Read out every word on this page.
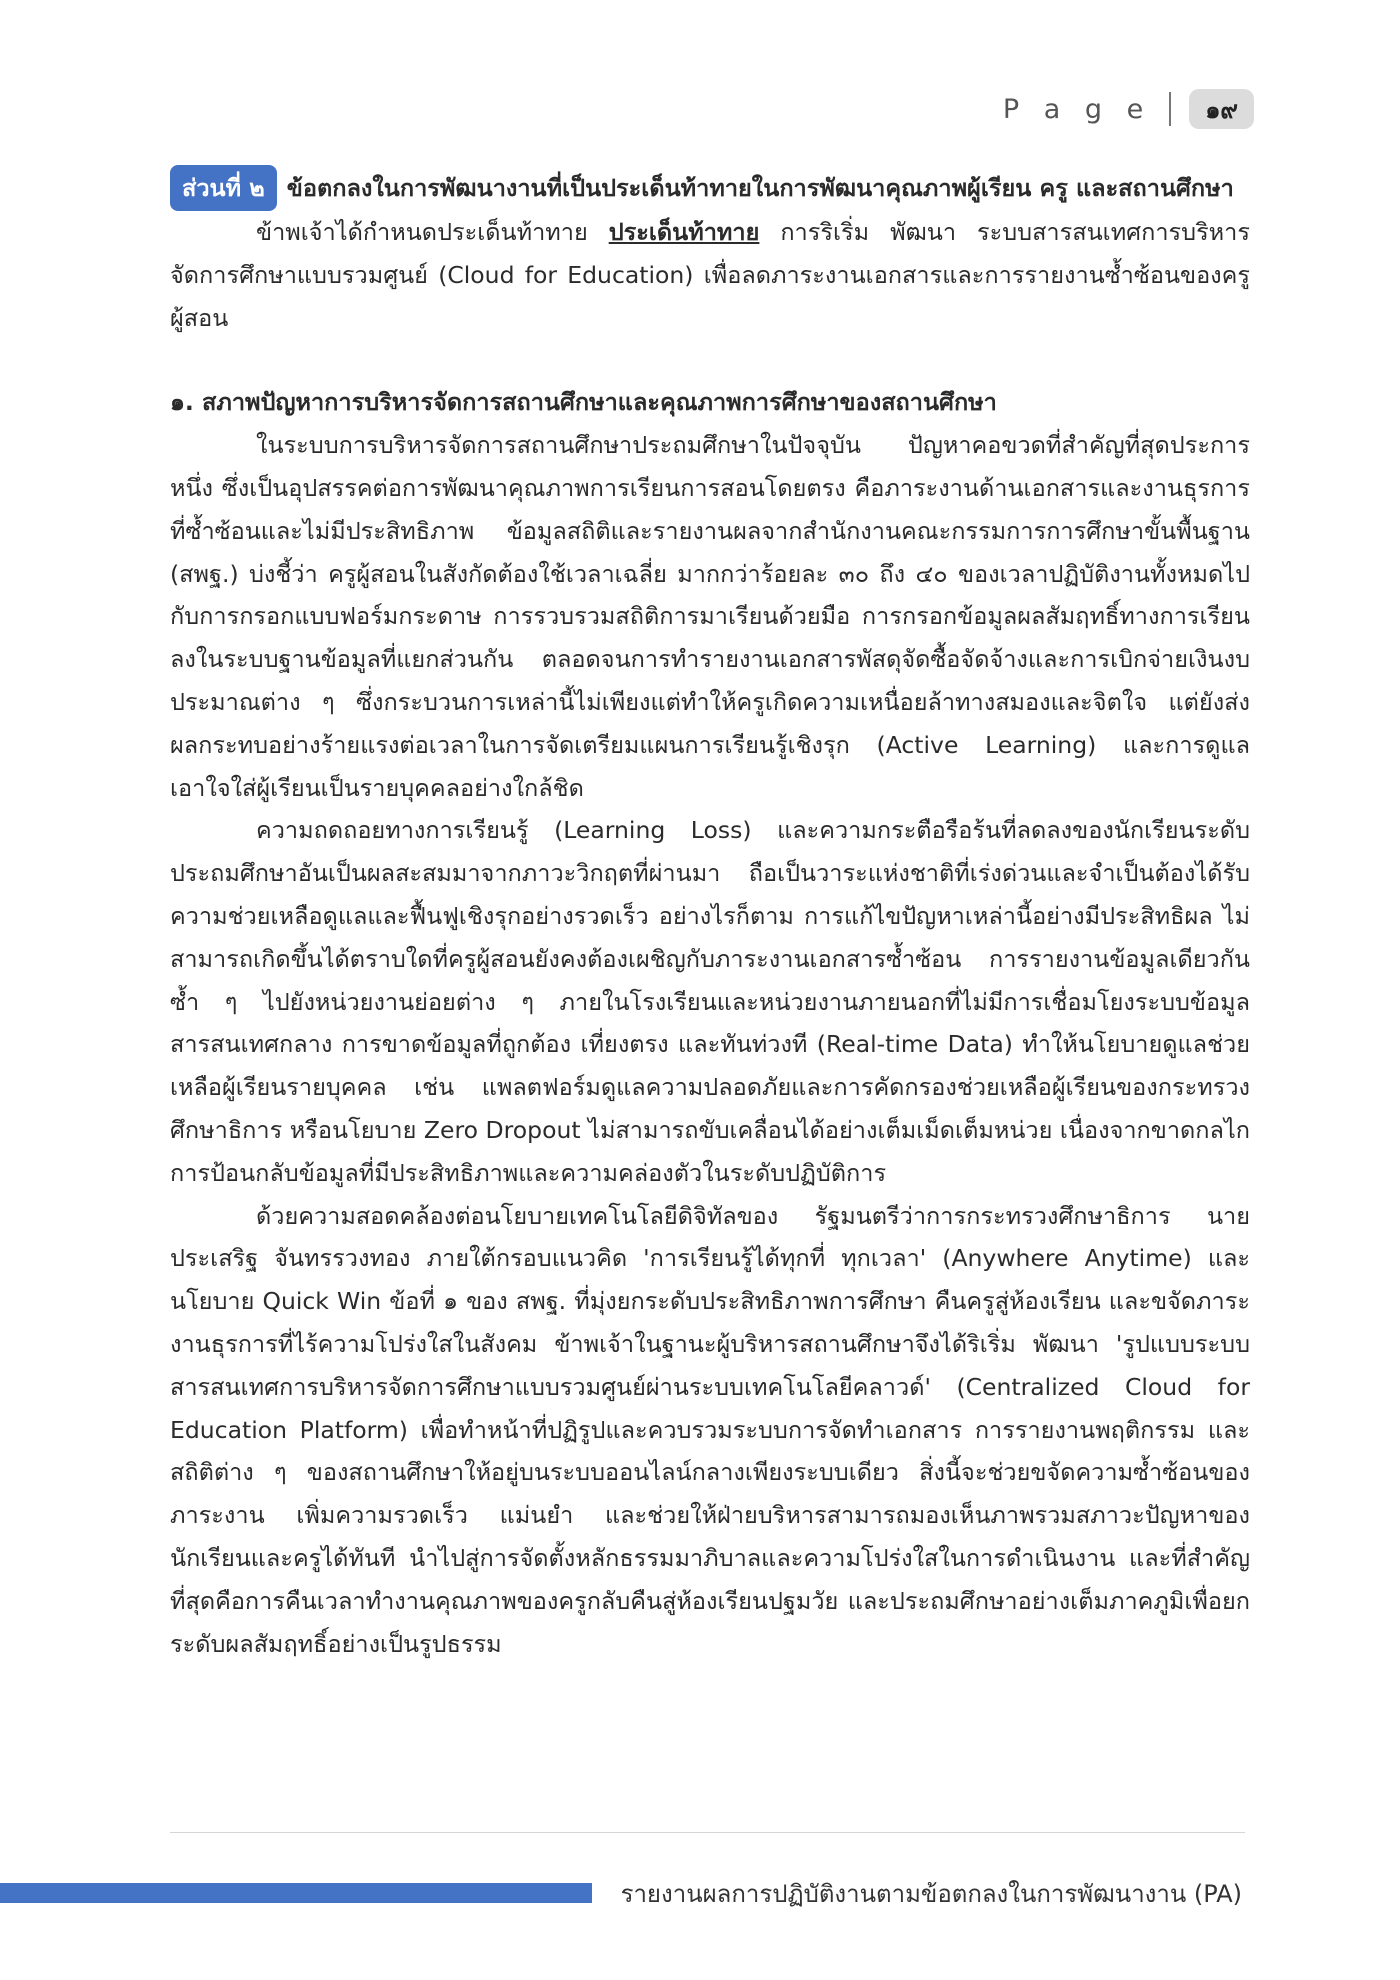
P a g e	๑๙
ส่วนที่ ๒ ข้อตกลงในการพัฒนางานที่เป็นประเด็นท้าทายในการพัฒนาคุณภาพผู้เรียน ครู และสถานศึกษา

ข้าพเจ้าได้กำหนดประเด็นท้าทาย ประเด็นท้าทาย การริเริ่ม พัฒนา ระบบสารสนเทศการบริหารจัดการศึกษาแบบรวมศูนย์ (Cloud for Education) เพื่อลดภาระงานเอกสารและการรายงานซ้ำซ้อนของครูผู้สอน

๑. สภาพปัญหาการบริหารจัดการสถานศึกษาและคุณภาพการศึกษาของสถานศึกษา

ในระบบการบริหารจัดการสถานศึกษาประถมศึกษาในปัจจุบัน ปัญหาคอขวดที่สำคัญที่สุดประการหนึ่ง ซึ่งเป็นอุปสรรคต่อการพัฒนาคุณภาพการเรียนการสอนโดยตรง คือภาระงานด้านเอกสารและงานธุรการที่ซ้ำซ้อนและไม่มีประสิทธิภาพ ข้อมูลสถิติและรายงานผลจากสำนักงานคณะกรรมการการศึกษาขั้นพื้นฐาน (สพฐ.) บ่งชี้ว่า ครูผู้สอนในสังกัดต้องใช้เวลาเฉลี่ย มากกว่าร้อยละ ๓๐ ถึง ๔๐ ของเวลาปฏิบัติงานทั้งหมดไปกับการกรอกแบบฟอร์มกระดาษ การรวบรวมสถิติการมาเรียนด้วยมือ การกรอกข้อมูลผลสัมฤทธิ์ทางการเรียนลงในระบบฐานข้อมูลที่แยกส่วนกัน ตลอดจนการทำรายงานเอกสารพัสดุจัดซื้อจัดจ้างและการเบิกจ่ายเงินงบประมาณต่าง ๆ ซึ่งกระบวนการเหล่านี้ไม่เพียงแต่ทำให้ครูเกิดความเหนื่อยล้าทางสมองและจิตใจ แต่ยังส่งผลกระทบอย่างร้ายแรงต่อเวลาในการจัดเตรียมแผนการเรียนรู้เชิงรุก (Active Learning) และการดูแลเอาใจใส่ผู้เรียนเป็นรายบุคคลอย่างใกล้ชิด

ความถดถอยทางการเรียนรู้ (Learning Loss) และความกระตือรือร้นที่ลดลงของนักเรียนระดับประถมศึกษาอันเป็นผลสะสมมาจากภาวะวิกฤตที่ผ่านมา ถือเป็นวาระแห่งชาติที่เร่งด่วนและจำเป็นต้องได้รับความช่วยเหลือดูแลและฟื้นฟูเชิงรุกอย่างรวดเร็ว อย่างไรก็ตาม การแก้ไขปัญหาเหล่านี้อย่างมีประสิทธิผล ไม่สามารถเกิดขึ้นได้ตราบใดที่ครูผู้สอนยังคงต้องเผชิญกับภาระงานเอกสารซ้ำซ้อน การรายงานข้อมูลเดียวกันซ้ำ ๆ ไปยังหน่วยงานย่อยต่าง ๆ ภายในโรงเรียนและหน่วยงานภายนอกที่ไม่มีการเชื่อมโยงระบบข้อมูลสารสนเทศกลาง การขาดข้อมูลที่ถูกต้อง เที่ยงตรง และทันท่วงที (Real-time Data) ทำให้นโยบายดูแลช่วยเหลือผู้เรียนรายบุคคล เช่น แพลตฟอร์มดูแลความปลอดภัยและการคัดกรองช่วยเหลือผู้เรียนของกระทรวงศึกษาธิการ หรือนโยบาย Zero Dropout ไม่สามารถขับเคลื่อนได้อย่างเต็มเม็ดเต็มหน่วย เนื่องจากขาดกลไกการป้อนกลับข้อมูลที่มีประสิทธิภาพและความคล่องตัวในระดับปฏิบัติการ

ด้วยความสอดคล้องต่อนโยบายเทคโนโลยีดิจิทัลของ รัฐมนตรีว่าการกระทรวงศึกษาธิการ นายประเสริฐ จันทรรวงทอง ภายใต้กรอบแนวคิด 'การเรียนรู้ได้ทุกที่ ทุกเวลา' (Anywhere Anytime) และนโยบาย Quick Win ข้อที่ ๑ ของ สพฐ. ที่มุ่งยกระดับประสิทธิภาพการศึกษา คืนครูสู่ห้องเรียน และขจัดภาระงานธุรการที่ไร้ความโปร่งใสในสังคม ข้าพเจ้าในฐานะผู้บริหารสถานศึกษาจึงได้ริเริ่ม พัฒนา 'รูปแบบระบบสารสนเทศการบริหารจัดการศึกษาแบบรวมศูนย์ผ่านระบบเทคโนโลยีคลาวด์' (Centralized Cloud for Education Platform) เพื่อทำหน้าที่ปฏิรูปและควบรวมระบบการจัดทำเอกสาร การรายงานพฤติกรรม และสถิติต่าง ๆ ของสถานศึกษาให้อยู่บนระบบออนไลน์กลางเพียงระบบเดียว สิ่งนี้จะช่วยขจัดความซ้ำซ้อนของภาระงาน เพิ่มความรวดเร็ว แม่นยำ และช่วยให้ฝ่ายบริหารสามารถมองเห็นภาพรวมสภาวะปัญหาของนักเรียนและครูได้ทันที นำไปสู่การจัดตั้งหลักธรรมมาภิบาลและความโปร่งใสในการดำเนินงาน และที่สำคัญที่สุดคือการคืนเวลาทำงานคุณภาพของครูกลับคืนสู่ห้องเรียนปฐมวัย และประถมศึกษาอย่างเต็มภาคภูมิเพื่อยกระดับผลสัมฤทธิ์อย่างเป็นรูปธรรม

รายงานผลการปฏิบัติงานตามข้อตกลงในการพัฒนางาน (PA)
